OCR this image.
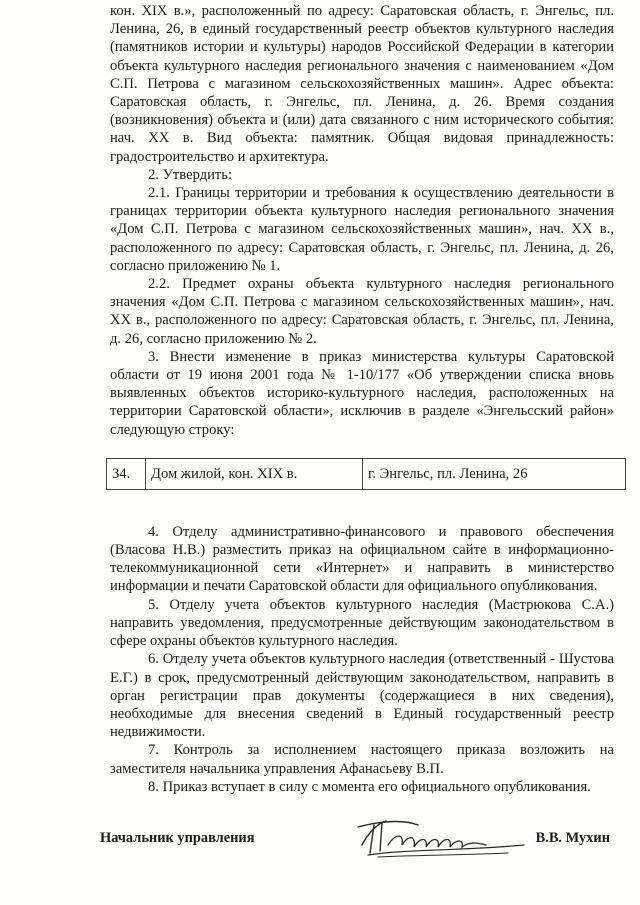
кон. XIX в.», расположенный по адресу: Саратовская область, г. Энгельс, пл. Ленина, 26, в единый государственный реестр объектов культурного наследия (памятников истории и культуры) народов Российской Федерации в категории объекта культурного наследия регионального значения с наименованием «Дом С.П. Петрова с магазином сельскохозяйственных машин». Адрес объекта: Саратовская область, г. Энгельс, пл. Ленина, д. 26. Время создания (возникновения) объекта и (или) дата связанного с ним исторического события: нач. XX в. Вид объекта: памятник. Общая видовая принадлежность: градостроительство и архитектура.

2. Утвердить:

2.1. Границы территории и требования к осуществлению деятельности в границах территории объекта культурного наследия регионального значения «Дом С.П. Петрова с магазином сельскохозяйственных машин», нач. XX в., расположенного по адресу: Саратовская область, г. Энгельс, пл. Ленина, д. 26, согласно приложению № 1.

2.2. Предмет охраны объекта культурного наследия регионального значения «Дом С.П. Петрова с магазином сельскохозяйственных машин», нач. XX в., расположенного по адресу: Саратовская область, г. Энгельс, пл. Ленина, д. 26, согласно приложению № 2.

3. Внести изменение в приказ министерства культуры Саратовской области от 19 июня 2001 года № 1-10/177 «Об утверждении списка вновь выявленных объектов историко-культурного наследия, расположенных на территории Саратовской области», исключив в разделе «Энгельсский район» следующую строку:

34.	Дом жилой, кон. XIX в.	г. Энгельс, пл. Ленина, 26

4. Отделу административно-финансового и правового обеспечения (Власова Н.В.) разместить приказ на официальном сайте в информационно-телекоммуникационной сети «Интернет» и направить в министерство информации и печати Саратовской области для официального опубликования.

5. Отделу учета объектов культурного наследия (Мастрюкова С.А.) направить уведомления, предусмотренные действующим законодательством в сфере охраны объектов культурного наследия.

6. Отделу учета объектов культурного наследия (ответственный - Шустова Е.Г.) в срок, предусмотренный действующим законодательством, направить в орган регистрации прав документы (содержащиеся в них сведения), необходимые для внесения сведений в Единый государственный реестр недвижимости.

7. Контроль за исполнением настоящего приказа возложить на заместителя начальника управления Афанасьеву В.П.

8. Приказ вступает в силу с момента его официального опубликования.

Начальник управления	В.В. Мухин
